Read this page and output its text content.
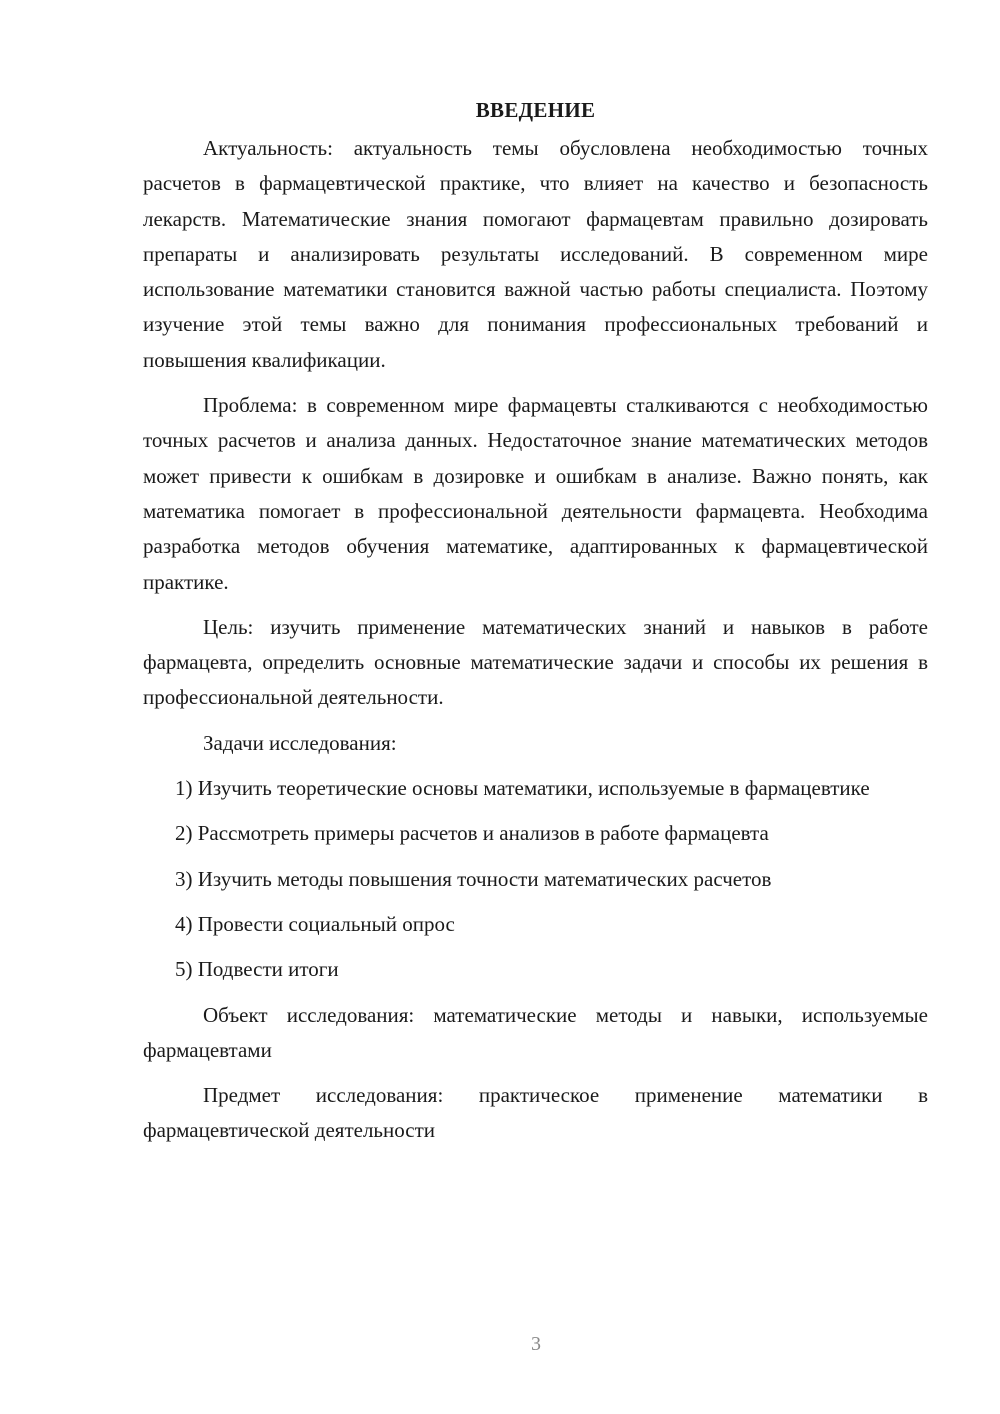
ВВЕДЕНИЕ

Актуальность: актуальность темы обусловлена необходимостью точных расчетов в фармацевтической практике, что влияет на качество и безопасность лекарств. Математические знания помогают фармацевтам правильно дозировать препараты и анализировать результаты исследований. В современном мире использование математики становится важной частью работы специалиста. Поэтому изучение этой темы важно для понимания профессиональных требований и повышения квалификации.

Проблема: в современном мире фармацевты сталкиваются с необходимостью точных расчетов и анализа данных. Недостаточное знание математических методов может привести к ошибкам в дозировке и ошибкам в анализе. Важно понять, как математика помогает в профессиональной деятельности фармацевта. Необходима разработка методов обучения математике, адаптированных к фармацевтической практике.

Цель: изучить применение математических знаний и навыков в работе фармацевта, определить основные математические задачи и способы их решения в профессиональной деятельности.

Задачи исследования:

1) Изучить теоретические основы математики, используемые в фармацевтике

2) Рассмотреть примеры расчетов и анализов в работе фармацевта

3) Изучить методы повышения точности математических расчетов

4) Провести социальный опрос

5) Подвести итоги

Объект исследования: математические методы и навыки, используемые фармацевтами

Предмет исследования: практическое применение математики в фармацевтической деятельности

3
